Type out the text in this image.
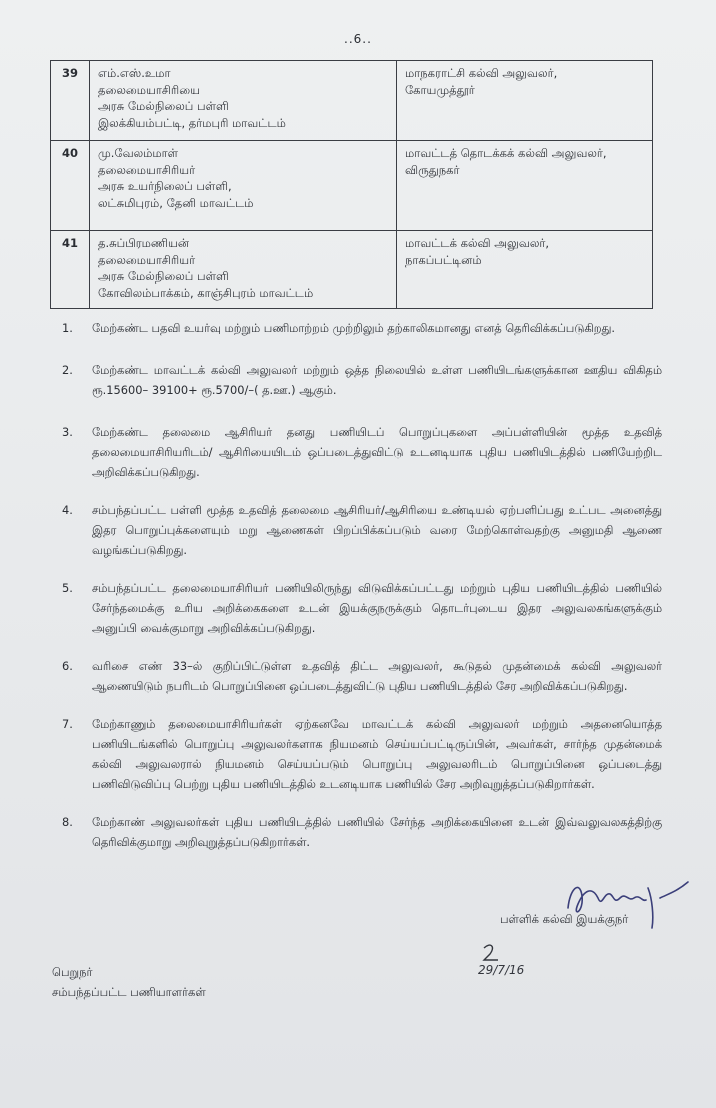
..6..
39	எம்.எஸ்.உமா
தலைமையாசிரியை
அரசு மேல்நிலைப் பள்ளி
இலக்கியம்பட்டி, தர்மபுரி மாவட்டம்	மாநகராட்சி கல்வி அலுவலர்,
கோயமுத்தூர்

40	மு.வேலம்மாள்
தலைமையாசிரியர்
அரசு உயர்நிலைப் பள்ளி,
லட்சுமிபுரம், தேனி மாவட்டம்	மாவட்டத் தொடக்கக் கல்வி அலுவலர்,
விருதுநகர்

41	த.சுப்பிரமணியன்
தலைமையாசிரியர்
அரசு மேல்நிலைப் பள்ளி
கோவிலம்பாக்கம், காஞ்சிபுரம் மாவட்டம்	மாவட்டக் கல்வி அலுவலர்,
நாகப்பட்டினம்
1.	மேற்கண்ட பதவி உயர்வு மற்றும் பணிமாற்றம் முற்றிலும் தற்காலிகமானது எனத் தெரிவிக்கப்படுகிறது.
2.	மேற்கண்ட மாவட்டக் கல்வி அலுவலர் மற்றும் ஒத்த நிலையில் உள்ள பணியிடங்களுக்கான ஊதிய விகிதம் ரூ.15600– 39100+ ரூ.5700/–( த.ஊ.) ஆகும்.
3.	மேற்கண்ட தலைமை ஆசிரியர் தனது பணியிடப் பொறுப்புகளை அப்பள்ளியின் மூத்த உதவித் தலைமையாசிரியரிடம்/ ஆசிரியையிடம் ஒப்படைத்துவிட்டு உடனடியாக புதிய பணியிடத்தில் பணியேற்றிட அறிவிக்கப்படுகிறது.
4.	சம்பந்தப்பட்ட பள்ளி மூத்த உதவித் தலைமை ஆசிரியர்/ஆசிரியை உண்டியல் ஏற்பளிப்பது உட்பட அனைத்து இதர பொறுப்புக்களையும் மறு ஆணைகள் பிறப்பிக்கப்படும் வரை மேற்கொள்வதற்கு அனுமதி ஆணை வழங்கப்படுகிறது.
5.	சம்பந்தப்பட்ட தலைமையாசிரியர் பணியிலிருந்து விடுவிக்கப்பட்டது மற்றும் புதிய பணியிடத்தில் பணியில் சேர்ந்தமைக்கு உரிய அறிக்கைகளை உடன் இயக்குநருக்கும் தொடர்புடைய இதர அலுவலகங்களுக்கும் அனுப்பி வைக்குமாறு அறிவிக்கப்படுகிறது.
6.	வரிசை எண் 33–ல் குறிப்பிட்டுள்ள உதவித் திட்ட அலுவலர், கூடுதல் முதன்மைக் கல்வி அலுவலர் ஆணையிடும் நபரிடம் பொறுப்பினை ஒப்படைத்துவிட்டு புதிய பணியிடத்தில் சேர அறிவிக்கப்படுகிறது.
7.	மேற்காணும் தலைமையாசிரியர்கள் ஏற்கனவே மாவட்டக் கல்வி அலுவலர் மற்றும் அதனையொத்த பணியிடங்களில் பொறுப்பு அலுவலர்களாக நியமனம் செய்யப்பட்டிருப்பின், அவர்கள், சார்ந்த முதன்மைக் கல்வி அலுவலரால் நியமனம் செய்யப்படும் பொறுப்பு அலுவலரிடம் பொறுப்பினை ஒப்படைத்து பணிவிடுவிப்பு பெற்று புதிய பணியிடத்தில் உடனடியாக பணியில் சேர அறிவுறுத்தப்படுகிறார்கள்.
8.	மேற்காண் அலுவலர்கள் புதிய பணியிடத்தில் பணியில் சேர்ந்த அறிக்கையினை உடன் இவ்வலுவலகத்திற்கு தெரிவிக்குமாறு அறிவுறுத்தப்படுகிறார்கள்.
பள்ளிக் கல்வி இயக்குநர்
29/7/16
பெறுநர்
சம்பந்தப்பட்ட பணியாளர்கள்
